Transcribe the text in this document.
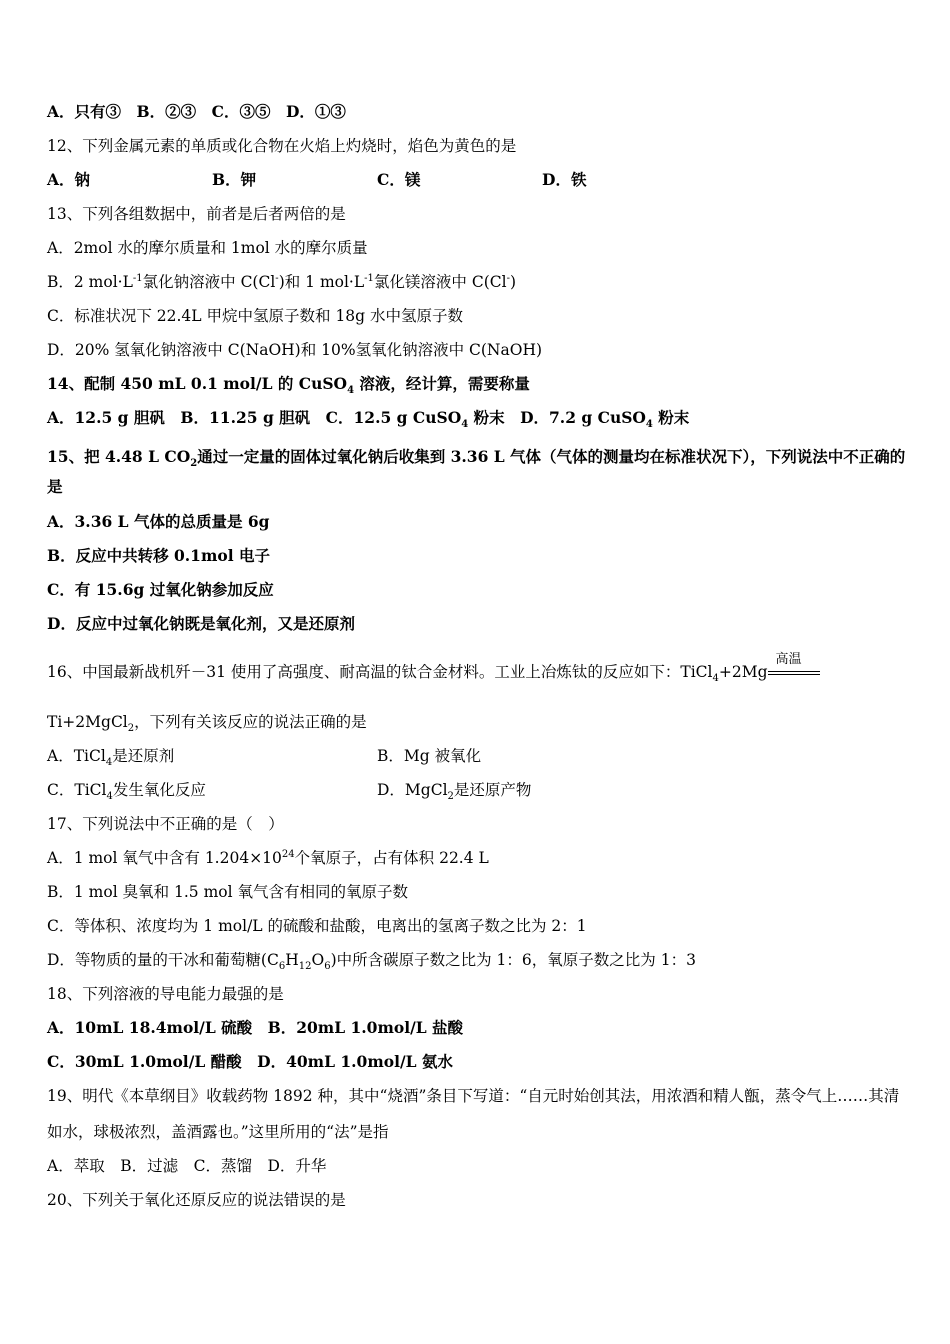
A．只有③　B．②③　C．③⑤　D．①③
12、下列金属元素的单质或化合物在火焰上灼烧时，焰色为黄色的是
A．钠	B．钾	C．镁	D．铁
13、下列各组数据中，前者是后者两倍的是
A．2mol 水的摩尔质量和 1mol 水的摩尔质量
B．2 $mol\cdot L^{-1}$氯化钠溶液中 C(Cl-)和 1 $mol\cdot L^{-1}$氯化镁溶液中 C(Cl-)
C．标准状况下 22.4L 甲烷中氢原子数和 18g 水中氢原子数
D．20% 氢氧化钠溶液中 C(NaOH)和 10%氢氧化钠溶液中 C(NaOH)
14、配制 450 mL 0.1 mol/L 的 CuSO$_4$ 溶液，经计算，需要称量
A．12.5 g 胆矾　B．11.25 g 胆矾　C．12.5 g CuSO$_4$ 粉末　D．7.2 g CuSO$_4$ 粉末
15、把 4.48 L $CO_2$通过一定量的固体过氧化钠后收集到 3.36 L 气体（气体的测量均在标准状况下），下列说法中不正确的是
A．3.36 L 气体的总质量是 6g
B．反应中共转移 0.1mol 电子
C．有 15.6g 过氧化钠参加反应
D．反应中过氧化钠既是氧化剂，又是还原剂
16、中国最新战机歼－31 使用了高强度、耐高温的钛合金材料。工业上冶炼钛的反应如下：TiCl$_4$+2Mg
高温
Ti+2MgCl$_2$，下列有关该反应的说法正确的是
A．TiCl$_4$是还原剂	B．Mg 被氧化
C．TiCl$_4$发生氧化反应	D．MgCl$_2$是还原产物
17、下列说法中不正确的是（　）
A．1 mol 氧气中含有 $1.204\times 10^{24}$个氧原子，占有体积 22.4 L
B．1 mol 臭氧和 1.5 mol 氧气含有相同的氧原子数
C．等体积、浓度均为 1 mol/L 的硫酸和盐酸，电离出的氢离子数之比为 2：1
D．等物质的量的干冰和葡萄糖$(C_6H_{12}O_6)$中所含碳原子数之比为 1：6，氧原子数之比为 1：3
18、下列溶液的导电能力最强的是
A．10mL 18.4mol/L 硫酸　B．20mL 1.0mol/L 盐酸
C．30mL 1.0mol/L 醋酸　D．40mL 1.0mol/L 氨水
19、明代《本草纲目》收载药物 1892 种，其中“烧酒”条目下写道：“自元时始创其法，用浓酒和精人甑，蒸令气上……其清如水，球极浓烈，盖酒露也。”这里所用的“法”是指
A．萃取　B．过滤　C．蒸馏　D．升华
20、下列关于氧化还原反应的说法错误的是
